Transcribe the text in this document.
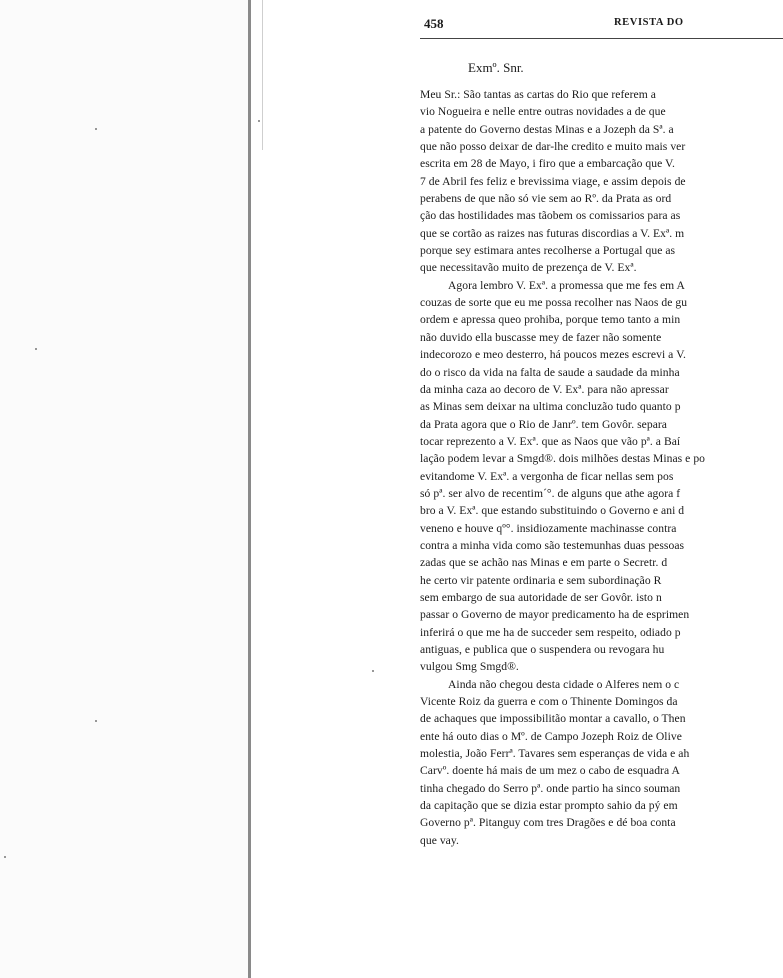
458	REVISTA DO
Exmº. Snr.
Meu Sr.: São tantas as cartas do Rio que referem a
vio Nogueira e nelle entre outras novidades a de que
a patente do Governo destas Minas e a Jozeph da Sª. a
que não posso deixar de dar-lhe credito e muito mais ver
escrita em 28 de Mayo, i firo que a embarcação que V.
7 de Abril fes feliz e brevissima viage, e assim depois de
perabens de que não só vie sem ao Rº. da Prata as ord
ção das hostilidades mas tãobem os comissarios para as
que se cortão as raizes nas futuras discordias a V. Exª. m
porque sey estimara antes recolherse a Portugal que as
que necessitavão muito de prezença de V. Exª.
Agora lembro V. Exª. a promessa que me fes em A
couzas de sorte que eu me possa recolher nas Naos de gu
ordem e apressa queo prohiba, porque temo tanto a min
não duvido ella buscasse mey de fazer não somente
indecorozo e meo desterro, há poucos mezes escrevi a V.
do o risco da vida na falta de saude a saudade da minha
da minha caza ao decoro de V. Exª. para não apressar
as Minas sem deixar na ultima concluzão tudo quanto p
da Prata agora que o Rio de Janrº. tem Govôr. separa
tocar reprezento a V. Exª. que as Naos que vão pª. a Baí
lação podem levar a Smgd®. dois milhões destas Minas e po
evitandome V. Exª. a vergonha de ficar nellas sem pos
só pª. ser alvo de recentim´°. de alguns que athe agora f
bro a V. Exª. que estando substituindo o Governo e ani d
veneno e houve qº°. insidiozamente machinasse contra
contra a minha vida como são testemunhas duas pessoas
zadas que se achão nas Minas e em parte o Secretr. d
he certo vir patente ordinaria e sem subordinação R
sem embargo de sua autoridade de ser Govôr. isto n
passar o Governo de mayor predicamento ha de esprimen
inferirá o que me ha de succeder sem respeito, odiado p
antiguas, e publica que o suspendera ou revogara hu
vulgou Smg Smgd®.
Ainda não chegou desta cidade o Alferes nem o c
Vicente Roiz da guerra e com o Thinente Domingos da
de achaques que impossibilitão montar a cavallo, o Then
ente há outo dias o Mº. de Campo Jozeph Roiz de Olive
molestia, João Ferrª. Tavares sem esperanças de vida e ah
Carvº. doente há mais de um mez o cabo de esquadra A
tinha chegado do Serro pª. onde partio ha sinco souman
da capitação que se dizia estar prompto sahio da pý em
Governo pª. Pitanguy com tres Dragões e dé boa conta
que vay.
